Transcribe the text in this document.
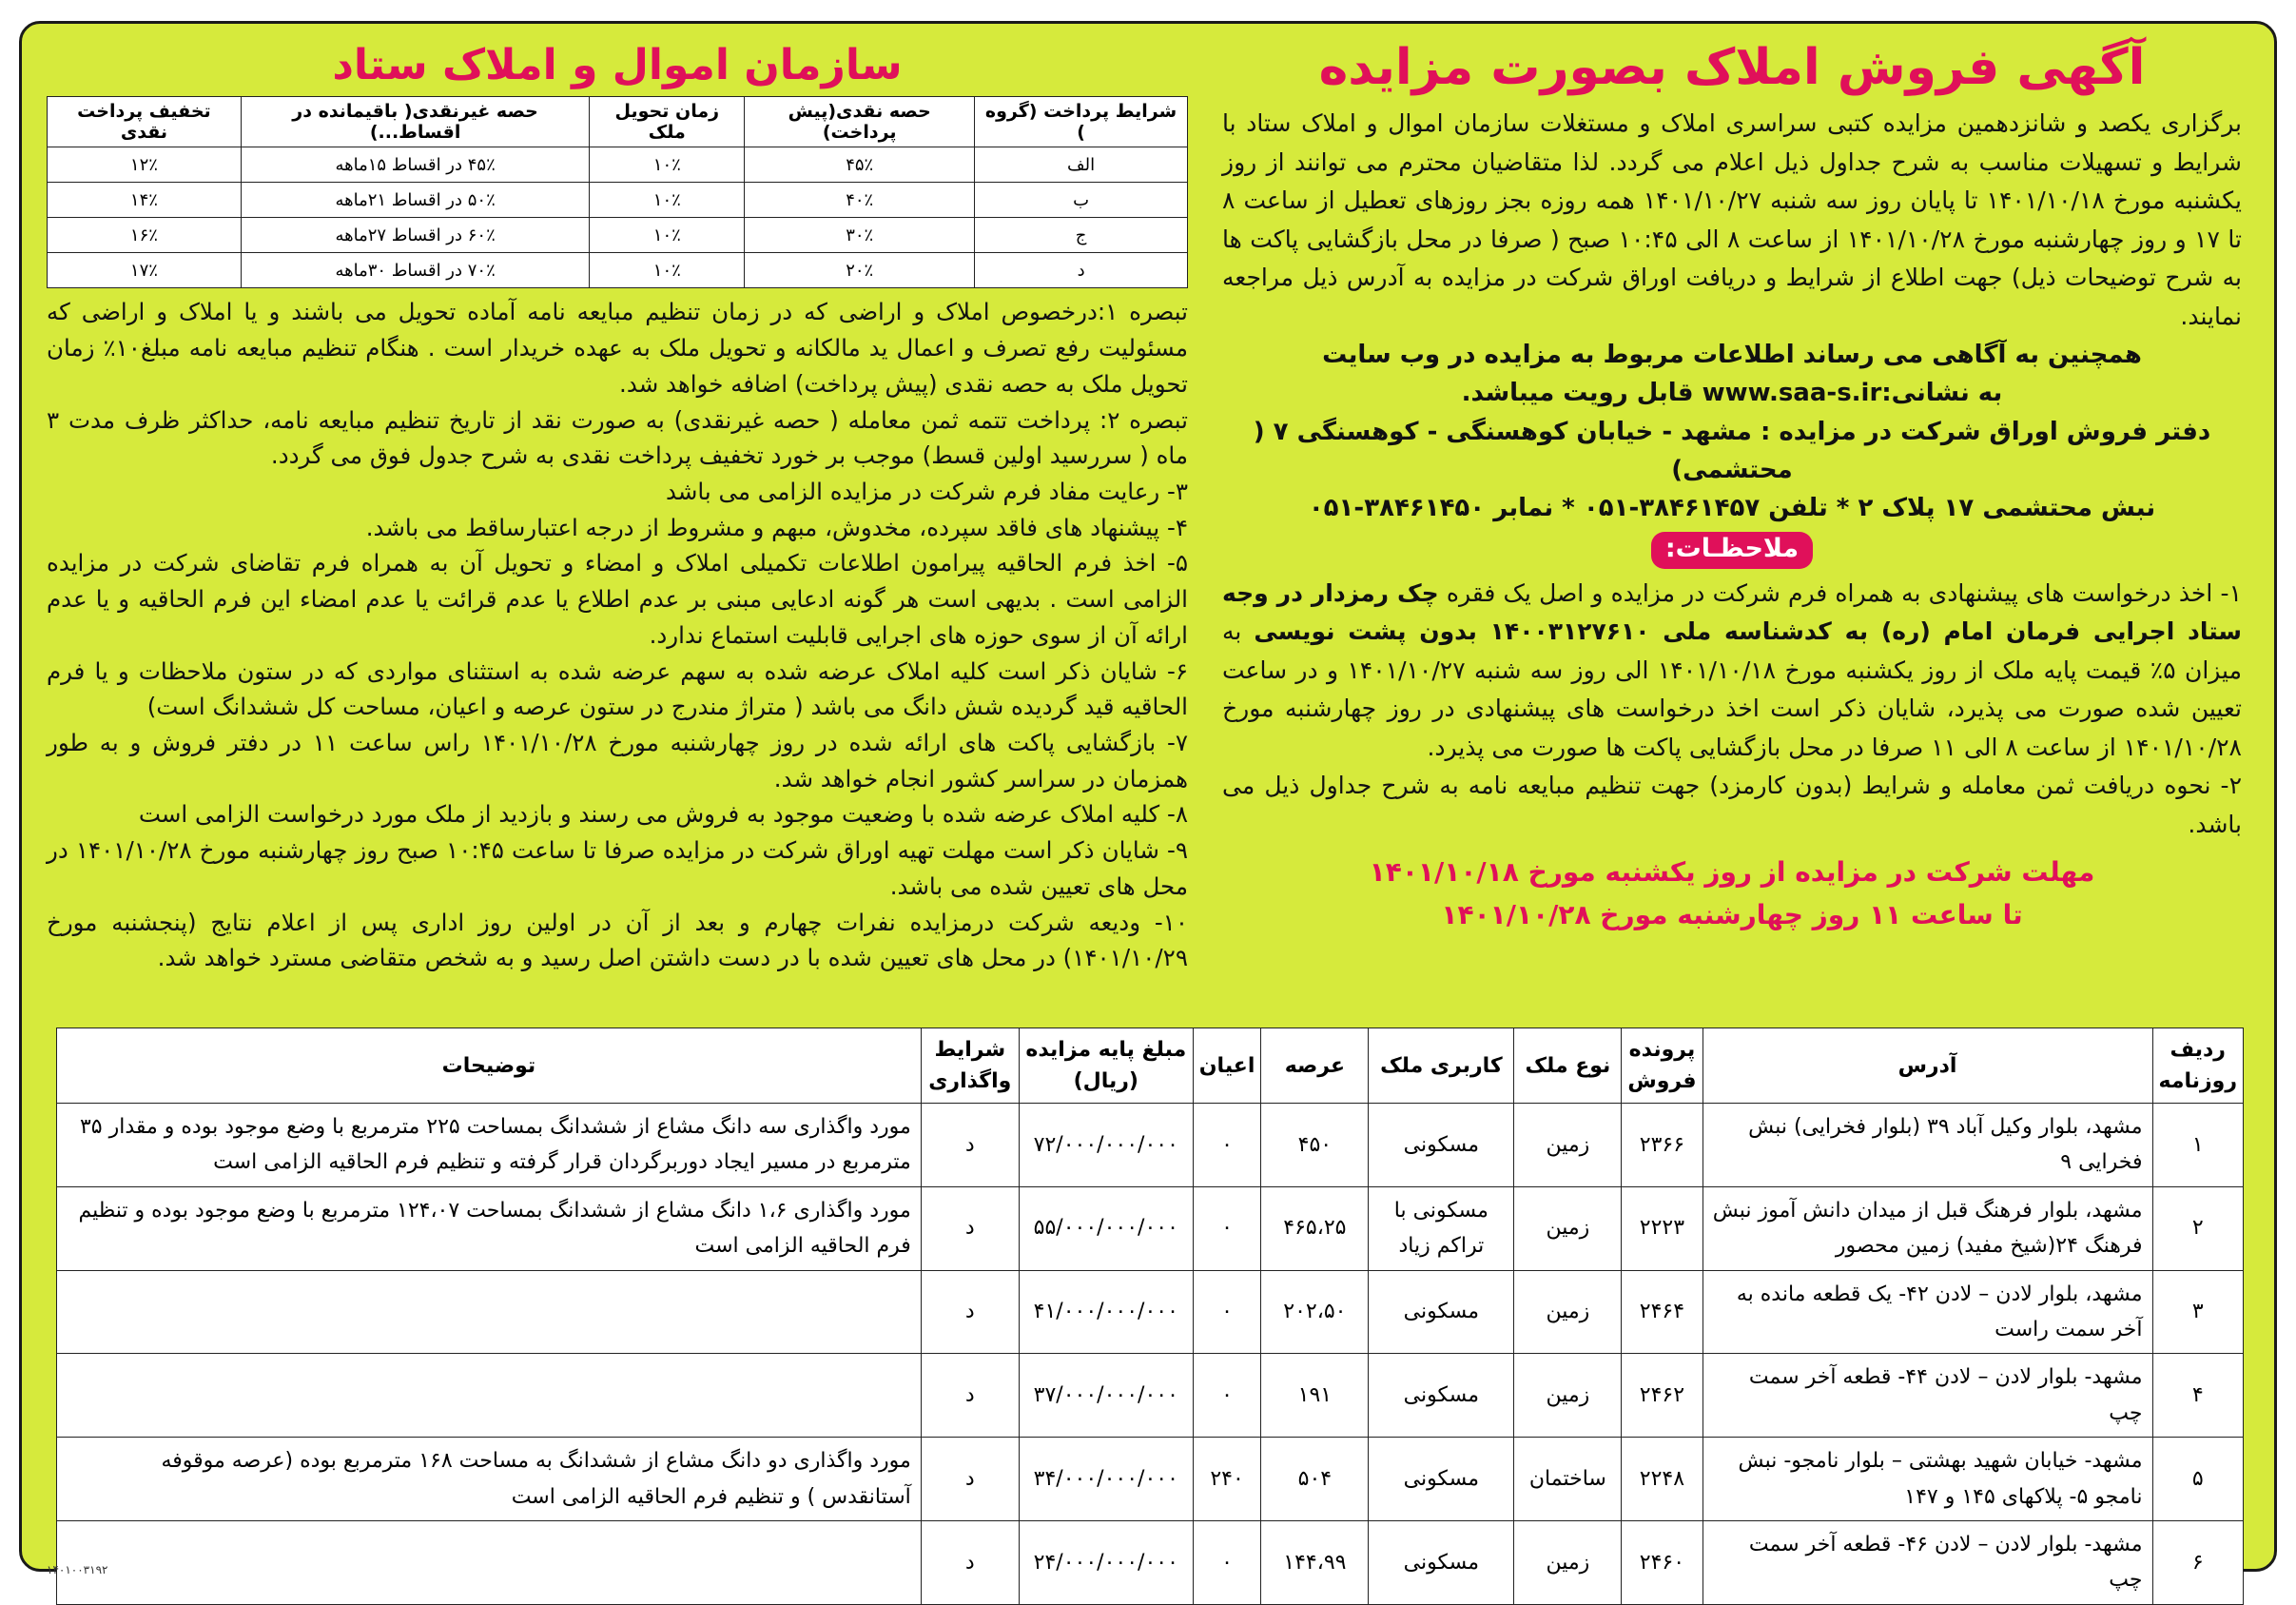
آگهی فروش املاک بصورت مزایده

برگزاری یکصد و شانزدهمین مزایده کتبی سراسری املاک و مستغلات سازمان اموال و املاک ستاد با شرایط و تسهیلات مناسب به شرح جداول ذیل اعلام می گردد. لذا متقاضیان محترم می توانند از روز یکشنبه مورخ ۱۴۰۱/۱۰/۱۸ تا پایان روز سه شنبه ۱۴۰۱/۱۰/۲۷ همه روزه بجز روزهای تعطیل از ساعت ۸ تا ۱۷ و روز چهارشنبه مورخ ۱۴۰۱/۱۰/۲۸ از ساعت ۸ الی ۱۰:۴۵ صبح ( صرفا در محل بازگشایی پاکت ها به شرح توضیحات ذیل) جهت اطلاع از شرایط و دریافت اوراق شرکت در مزایده به آدرس ذیل مراجعه نمایند.

همچنین به آگاهی می رساند اطلاعات مربوط به مزایده در وب سایت

به نشانی:www.saa-s.ir قابل رویت میباشد.

دفتر فروش اوراق شرکت در مزایده : مشهد - خیابان کوهسنگی - کوهسنگی ۷ ( محتشمی)

نبش محتشمی ۱۷ پلاک ۲ * تلفن ۳۸۴۶۱۴۵۷-۰۵۱ * نمابر ۳۸۴۶۱۴۵۰-۰۵۱

ملاحظـات:

۱- اخذ درخواست های پیشنهادی به همراه فرم شرکت در مزایده و اصل یک فقره چک رمزدار در وجه ستاد اجرایی فرمان امام (ره) به کدشناسه ملی ۱۴۰۰۳۱۲۷۶۱۰ بدون پشت نویسی به میزان ۵٪ قیمت پایه ملک از روز یکشنبه مورخ ۱۴۰۱/۱۰/۱۸ الی روز سه شنبه ۱۴۰۱/۱۰/۲۷ و در ساعت تعیین شده صورت می پذیرد، شایان ذکر است اخذ درخواست های پیشنهادی در روز چهارشنبه مورخ ۱۴۰۱/۱۰/۲۸ از ساعت ۸ الی ۱۱ صرفا در محل بازگشایی پاکت ها صورت می پذیرد.

۲- نحوه دریافت ثمن معامله و شرایط (بدون کارمزد) جهت تنظیم مبایعه نامه به شرح جداول ذیل می باشد.

مهلت شرکت در مزایده از روز یکشنبه مورخ ۱۴۰۱/۱۰/۱۸

تا ساعت ۱۱ روز چهارشنبه مورخ ۱۴۰۱/۱۰/۲۸

سازمان اموال و املاک ستاد
شرایط پرداخت (گروه )	حصه نقدی(پیش پرداخت)	زمان تحویل ملک	حصه غیرنقدی( باقیمانده در اقساط...)	تخفیف پرداخت نقدی
الف	۴۵٪	۱۰٪	۴۵٪ در اقساط ۱۵ماهه	۱۲٪
ب	۴۰٪	۱۰٪	۵۰٪ در اقساط ۲۱ماهه	۱۴٪
ج	۳۰٪	۱۰٪	۶۰٪ در اقساط ۲۷ماهه	۱۶٪
د	۲۰٪	۱۰٪	۷۰٪ در اقساط ۳۰ماهه	۱۷٪

تبصره ۱:درخصوص املاک و اراضی که در زمان تنظیم مبایعه نامه آماده تحویل می باشند و یا املاک و اراضی که مسئولیت رفع تصرف و اعمال ید مالکانه و تحویل ملک به عهده خریدار است . هنگام تنظیم مبایعه نامه مبلغ۱۰٪ زمان تحویل ملک به حصه نقدی (پیش پرداخت) اضافه خواهد شد.

تبصره ۲: پرداخت تتمه ثمن معامله ( حصه غیرنقدی) به صورت نقد از تاریخ تنظیم مبایعه نامه، حداکثر ظرف مدت ۳ ماه ( سررسید اولین قسط) موجب بر خورد تخفیف پرداخت نقدی به شرح جدول فوق می گردد.

۳- رعایت مفاد فرم شرکت در مزایده الزامی می باشد

۴- پیشنهاد های فاقد سپرده، مخدوش، مبهم و مشروط از درجه اعتبارساقط می باشد.

۵- اخذ فرم الحاقیه پیرامون اطلاعات تکمیلی املاک و امضاء و تحویل آن به همراه فرم تقاضای شرکت در مزایده الزامی است . بدیهی است هر گونه ادعایی مبنی بر عدم اطلاع یا عدم قرائت یا عدم امضاء این فرم الحاقیه و یا عدم ارائه آن از سوی حوزه های اجرایی قابلیت استماع ندارد.

۶- شایان ذکر است کلیه املاک عرضه شده به سهم عرضه شده به استثنای مواردی که در ستون ملاحظات و یا فرم الحاقیه قید گردیده شش دانگ می باشد ( متراژ مندرج در ستون عرصه و اعیان، مساحت کل ششدانگ است)

۷- بازگشایی پاکت های ارائه شده در روز چهارشنبه مورخ ۱۴۰۱/۱۰/۲۸ راس ساعت ۱۱ در دفتر فروش و به طور همزمان در سراسر کشور انجام خواهد شد.

۸- کلیه املاک عرضه شده با وضعیت موجود به فروش می رسند و بازدید از ملک مورد درخواست الزامی است

۹- شایان ذکر است مهلت تهیه اوراق شرکت در مزایده صرفا تا ساعت ۱۰:۴۵ صبح روز چهارشنبه مورخ ۱۴۰۱/۱۰/۲۸ در محل های تعیین شده می باشد.

۱۰- ودیعه شرکت درمزایده نفرات چهارم و بعد از آن در اولین روز اداری پس از اعلام نتایج (پنجشنبه مورخ ۱۴۰۱/۱۰/۲۹) در محل های تعیین شده با در دست داشتن اصل رسید و به شخص متقاضی مسترد خواهد شد.

ردیف روزنامه	آدرس	پرونده فروش	نوع ملک	کاربری ملک	عرصه	اعیان	مبلغ پایه مزایده (ریال)	شرایط واگذاری	توضیحات
۱	مشهد، بلوار وکیل آباد ۳۹ (بلوار فخرایی) نبش فخرایی ۹	۲۳۶۶	زمین	مسکونی	۴۵۰	۰	۷۲/۰۰۰/۰۰۰/۰۰۰	د	مورد واگذاری سه دانگ مشاع از ششدانگ بمساحت ۲۲۵ مترمربع با وضع موجود بوده و مقدار ۳۵ مترمربع در مسیر ایجاد دوربرگردان قرار گرفته و تنظیم فرم الحاقیه الزامی است
۲	مشهد، بلوار فرهنگ قبل از میدان دانش آموز نبش فرهنگ ۲۴(شیخ مفید) زمین محصور	۲۲۲۳	زمین	مسکونی با تراکم زیاد	۴۶۵،۲۵	۰	۵۵/۰۰۰/۰۰۰/۰۰۰	د	مورد واگذاری ۱،۶ دانگ مشاع از ششدانگ بمساحت ۱۲۴،۰۷ مترمربع با وضع موجود بوده و تنظیم فرم الحاقیه الزامی است
۳	مشهد، بلوار لادن – لادن ۴۲- یک قطعه مانده به آخر سمت راست	۲۴۶۴	زمین	مسکونی	۲۰۲،۵۰	۰	۴۱/۰۰۰/۰۰۰/۰۰۰	د	
۴	مشهد- بلوار لادن – لادن ۴۴- قطعه آخر سمت چپ	۲۴۶۲	زمین	مسکونی	۱۹۱	۰	۳۷/۰۰۰/۰۰۰/۰۰۰	د	
۵	مشهد- خیابان شهید بهشتی – بلوار نامجو- نبش نامجو ۵- پلاکهای ۱۴۵ و ۱۴۷	۲۲۴۸	ساختمان	مسکونی	۵۰۴	۲۴۰	۳۴/۰۰۰/۰۰۰/۰۰۰	د	مورد واگذاری دو دانگ مشاع از ششدانگ به مساحت ۱۶۸ مترمربع بوده (عرصه موقوفه آستانقدس ) و تنظیم فرم الحاقیه الزامی است
۶	مشهد- بلوار لادن – لادن ۴۶- قطعه آخر سمت چپ	۲۴۶۰	زمین	مسکونی	۱۴۴،۹۹	۰	۲۴/۰۰۰/۰۰۰/۰۰۰	د	
۱۴۰۱۰۰۳۱۹۲
